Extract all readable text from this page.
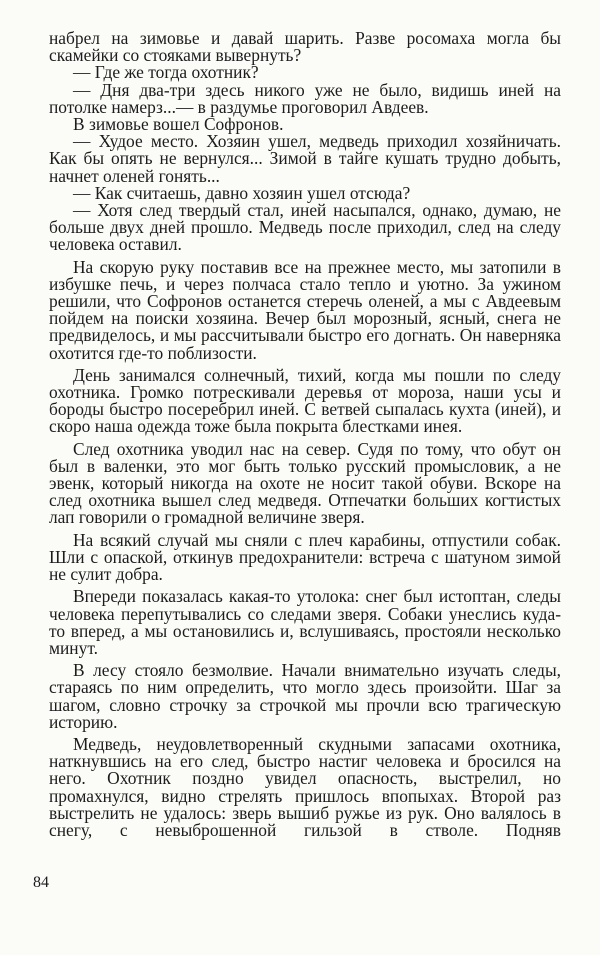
набрел на зимовье и давай шарить. Разве росомаха могла бы скамейки со стояками вывернуть?

— Где же тогда охотник?

— Дня два-три здесь никого уже не было, видишь иней на потолке намерз...— в раздумье проговорил Авдеев.

В зимовье вошел Софронов.

— Худое место. Хозяин ушел, медведь приходил хозяйничать. Как бы опять не вернулся... Зимой в тайге кушать трудно добыть, начнет оленей гонять...

— Как считаешь, давно хозяин ушел отсюда?

— Хотя след твердый стал, иней насыпался, однако, думаю, не больше двух дней прошло. Медведь после приходил, след на следу человека оставил.

На скорую руку поставив все на прежнее место, мы затопили в избушке печь, и через полчаса стало тепло и уютно. За ужином решили, что Софронов останется стеречь оленей, а мы с Авдеевым пойдем на поиски хозяина. Вечер был морозный, ясный, снега не предвиделось, и мы рассчитывали быстро его догнать. Он наверняка охотится где-то поблизости.

День занимался солнечный, тихий, когда мы пошли по следу охотника. Громко потрескивали деревья от мороза, наши усы и бороды быстро посеребрил иней. С ветвей сыпалась кухта (иней), и скоро наша одежда тоже была покрыта блестками инея.

След охотника уводил нас на север. Судя по тому, что обут он был в валенки, это мог быть только русский промысловик, а не эвенк, который никогда на охоте не носит такой обуви. Вскоре на след охотника вышел след медведя. Отпечатки больших когтистых лап говорили о громадной величине зверя.

На всякий случай мы сняли с плеч карабины, отпустили собак. Шли с опаской, откинув предохранители: встреча с шатуном зимой не сулит добра.

Впереди показалась какая-то утолока: снег был истоптан, следы человека перепутывались со следами зверя. Собаки унеслись куда-то вперед, а мы остановились и, вслушиваясь, простояли несколько минут.

В лесу стояло безмолвие. Начали внимательно изучать следы, стараясь по ним определить, что могло здесь произойти. Шаг за шагом, словно строчку за строчкой мы прочли всю трагическую историю.

Медведь, неудовлетворенный скудными запасами охотника, наткнувшись на его след, быстро настиг человека и бросился на него. Охотник поздно увидел опасность, выстрелил, но промахнулся, видно стрелять пришлось впопыхах. Второй раз выстрелить не удалось: зверь вышиб ружье из рук. Оно валялось в снегу, с невыброшенной гильзой в стволе. Подняв

84
